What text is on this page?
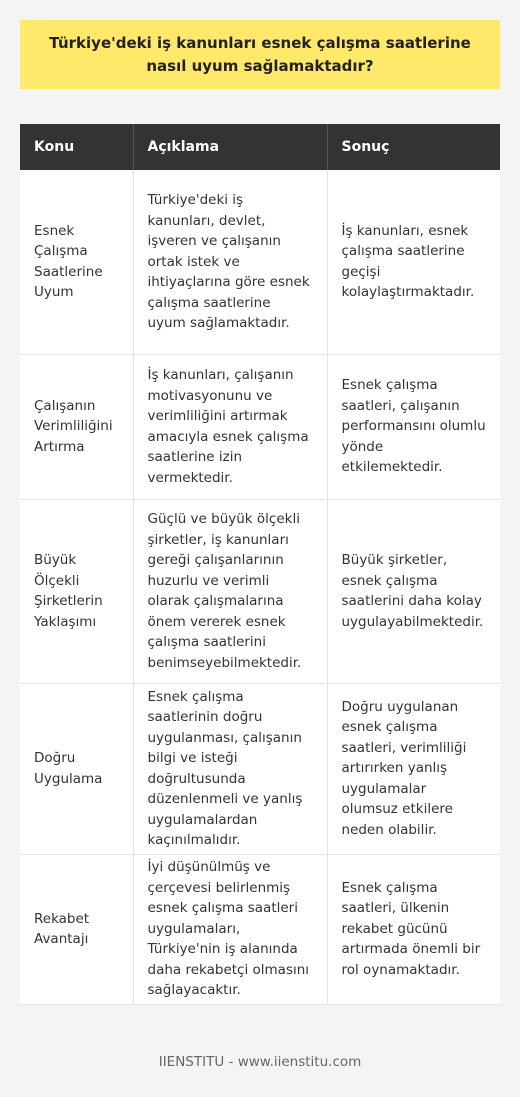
Türkiye'deki iş kanunları esnek çalışma saatlerine nasıl uyum sağlamaktadır?
Konu	Açıklama	Sonuç
Esnek Çalışma Saatlerine Uyum	Türkiye'deki iş kanunları, devlet, işveren ve çalışanın ortak istek ve ihtiyaçlarına göre esnek çalışma saatlerine uyum sağlamaktadır.	İş kanunları, esnek çalışma saatlerine geçişi kolaylaştırmaktadır.
Çalışanın Verimliliğini Artırma	İş kanunları, çalışanın motivasyonunu ve verimliliğini artırmak amacıyla esnek çalışma saatlerine izin vermektedir.	Esnek çalışma saatleri, çalışanın performansını olumlu yönde etkilemektedir.
Büyük Ölçekli Şirketlerin Yaklaşımı	Güçlü ve büyük ölçekli şirketler, iş kanunları gereği çalışanlarının huzurlu ve verimli olarak çalışmalarına önem vererek esnek çalışma saatlerini benimseyebilmektedir.	Büyük şirketler, esnek çalışma saatlerini daha kolay uygulayabilmektedir.
Doğru Uygulama	Esnek çalışma saatlerinin doğru uygulanması, çalışanın bilgi ve isteği doğrultusunda düzenlenmeli ve yanlış uygulamalardan kaçınılmalıdır.	Doğru uygulanan esnek çalışma saatleri, verimliliği artırırken yanlış uygulamalar olumsuz etkilere neden olabilir.
Rekabet Avantajı	İyi düşünülmüş ve çerçevesi belirlenmiş esnek çalışma saatleri uygulamaları, Türkiye'nin iş alanında daha rekabetçi olmasını sağlayacaktır.	Esnek çalışma saatleri, ülkenin rekabet gücünü artırmada önemli bir rol oynamaktadır.
IIENSTITU - www.iienstitu.com
